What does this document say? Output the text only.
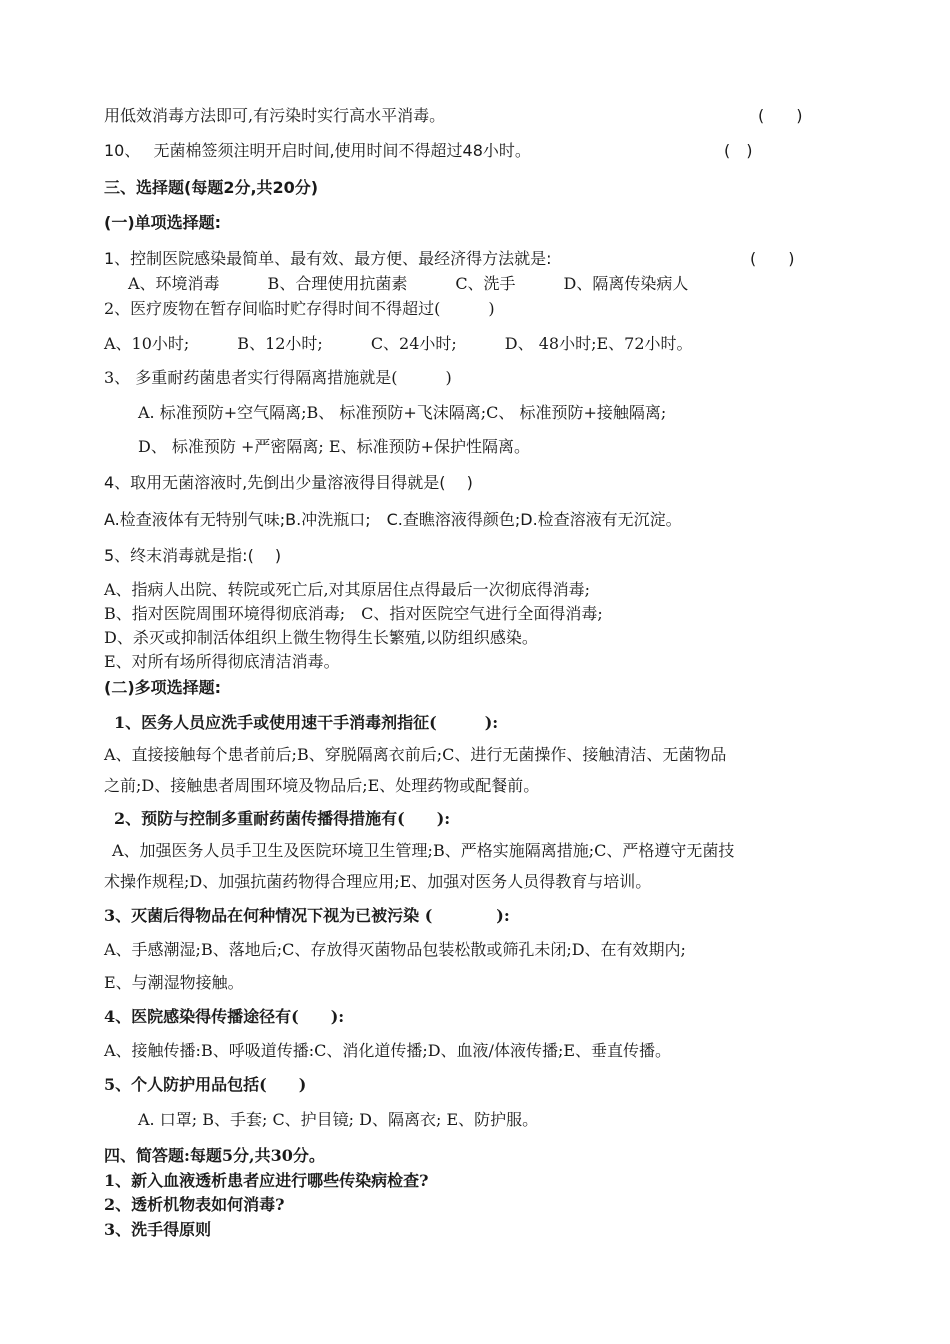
用低效消毒方法即可,有污染时实行高水平消毒。	(　　)
10、　 无菌棉签须注明开启时间,使用时间不得超过48小时。	(　)
三、选择题(每题2分,共20分)
(一)单项选择题:
1、控制医院感染最简单、最有效、最方便、最经济得方法就是:	(　　)
A、环境消毒　　　B、合理使用抗菌素　　　C、洗手　　　D、隔离传染病人
2、医疗废物在暂存间临时贮存得时间不得超过(　　　)
A、10小时;　　　B、12小时;　　　C、24小时;　　　D、 48小时;E、72小时。
3、 多重耐药菌患者实行得隔离措施就是(　　　)
A. 标准预防+空气隔离;B、 标准预防+飞沫隔离;C、 标准预防+接触隔离;
D、 标准预防 +严密隔离; E、标准预防+保护性隔离。
4、取用无菌溶液时,先倒出少量溶液得目得就是(　 )
A.检查液体有无特别气味;B.冲洗瓶口;　C.查瞧溶液得颜色;D.检查溶液有无沉淀。
5、终末消毒就是指:(　 )
A、指病人出院、转院或死亡后,对其原居住点得最后一次彻底得消毒;
B、指对医院周围环境得彻底消毒;　C、指对医院空气进行全面得消毒;
D、杀灭或抑制活体组织上微生物得生长繁殖,以防组织感染。
E、对所有场所得彻底清洁消毒。
(二)多项选择题:
1、医务人员应洗手或使用速干手消毒剂指征(　　　):
A、直接接触每个患者前后;B、穿脱隔离衣前后;C、进行无菌操作、接触清洁、无菌物品
之前;D、接触患者周围环境及物品后;E、处理药物或配餐前。
2、预防与控制多重耐药菌传播得措施有(　　):
A、加强医务人员手卫生及医院环境卫生管理;B、严格实施隔离措施;C、严格遵守无菌技
术操作规程;D、加强抗菌药物得合理应用;E、加强对医务人员得教育与培训。
3、灭菌后得物品在何种情况下视为已被污染 (　　　　):
A、手感潮湿;B、落地后;C、存放得灭菌物品包装松散或筛孔未闭;D、在有效期内;
E、与潮湿物接触。
4、医院感染得传播途径有(　　):
A、接触传播:B、呼吸道传播:C、消化道传播;D、血液/体液传播;E、垂直传播。
5、个人防护用品包括(　　)
A. 口罩; B、手套; C、护目镜; D、隔离衣; E、防护服。
四、简答题:每题5分,共30分。
1、新入血液透析患者应进行哪些传染病检查?
2、透析机物表如何消毒?
3、洗手得原则
